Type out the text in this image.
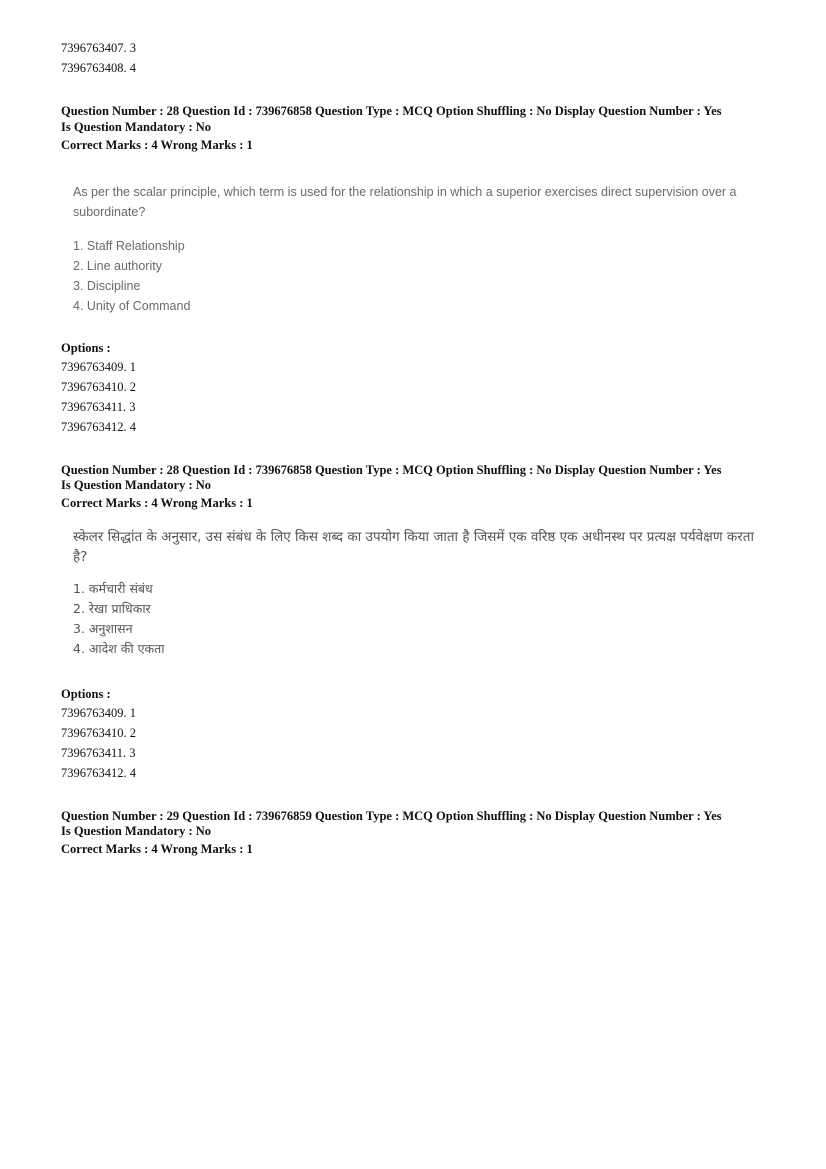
7396763407. 3
7396763408. 4
Question Number : 28 Question Id : 739676858 Question Type : MCQ Option Shuffling : No Display Question Number : Yes
Is Question Mandatory : No
Correct Marks : 4 Wrong Marks : 1
As per the scalar principle, which term is used for the relationship in which a superior exercises direct supervision over a subordinate?
1. Staff Relationship
2. Line authority
3. Discipline
4. Unity of Command
Options :
7396763409. 1
7396763410. 2
7396763411. 3
7396763412. 4
Question Number : 28 Question Id : 739676858 Question Type : MCQ Option Shuffling : No Display Question Number : Yes
Is Question Mandatory : No
Correct Marks : 4 Wrong Marks : 1
स्केलर सिद्धांत के अनुसार, उस संबंध के लिए किस शब्द का उपयोग किया जाता है जिसमें एक वरिष्ठ एक अधीनस्थ पर प्रत्यक्ष पर्यवेक्षण करता है?
1. कर्मचारी संबंध
2. रेखा प्राधिकार
3. अनुशासन
4. आदेश की एकता
Options :
7396763409. 1
7396763410. 2
7396763411. 3
7396763412. 4
Question Number : 29 Question Id : 739676859 Question Type : MCQ Option Shuffling : No Display Question Number : Yes
Is Question Mandatory : No
Correct Marks : 4 Wrong Marks : 1
